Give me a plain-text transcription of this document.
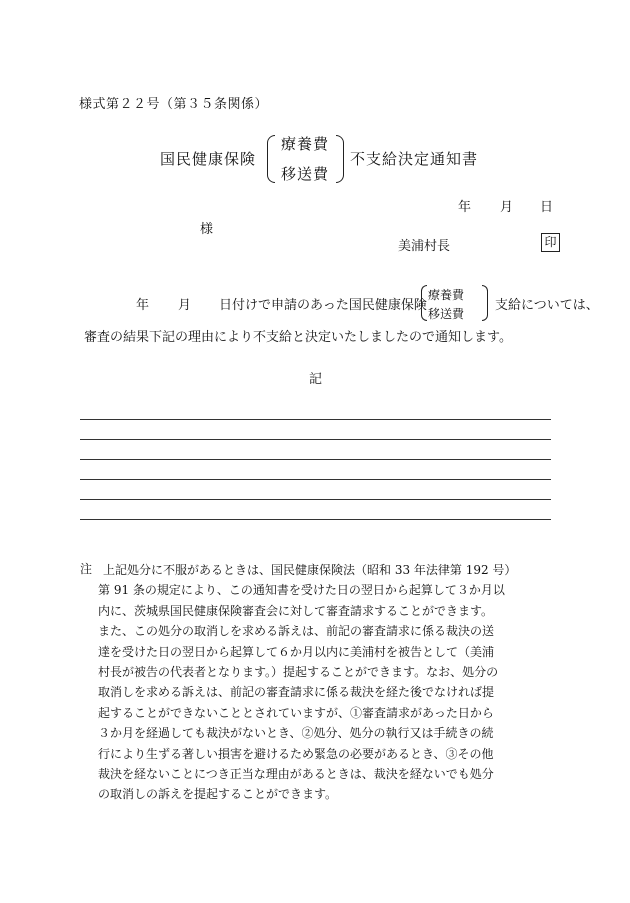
様式第２２号（第３５条関係）
国民健康保険
療養費
移送費
不支給決定通知書
年 月 日
様
美浦村長	印
年 月 日付けで申請のあった国民健康保険
療養費
移送費
支給については、
審査の結果下記の理由により不支給と決定いたしましたので通知します。
記
注 上記処分に不服があるときは、国民健康保険法（昭和 33 年法律第 192 号）
第 91 条の規定により、この通知書を受けた日の翌日から起算して３か月以
内に、茨城県国民健康保険審査会に対して審査請求することができます。
また、この処分の取消しを求める訴えは、前記の審査請求に係る裁決の送
達を受けた日の翌日から起算して６か月以内に美浦村を被告として（美浦
村長が被告の代表者となります。）提起することができます。なお、処分の
取消しを求める訴えは、前記の審査請求に係る裁決を経た後でなければ提
起することができないこととされていますが、①審査請求があった日から
３か月を経過しても裁決がないとき、②処分、処分の執行又は手続きの続
行により生ずる著しい損害を避けるため緊急の必要があるとき、③その他
裁決を経ないことにつき正当な理由があるときは、裁決を経ないでも処分
の取消しの訴えを提起することができます。
